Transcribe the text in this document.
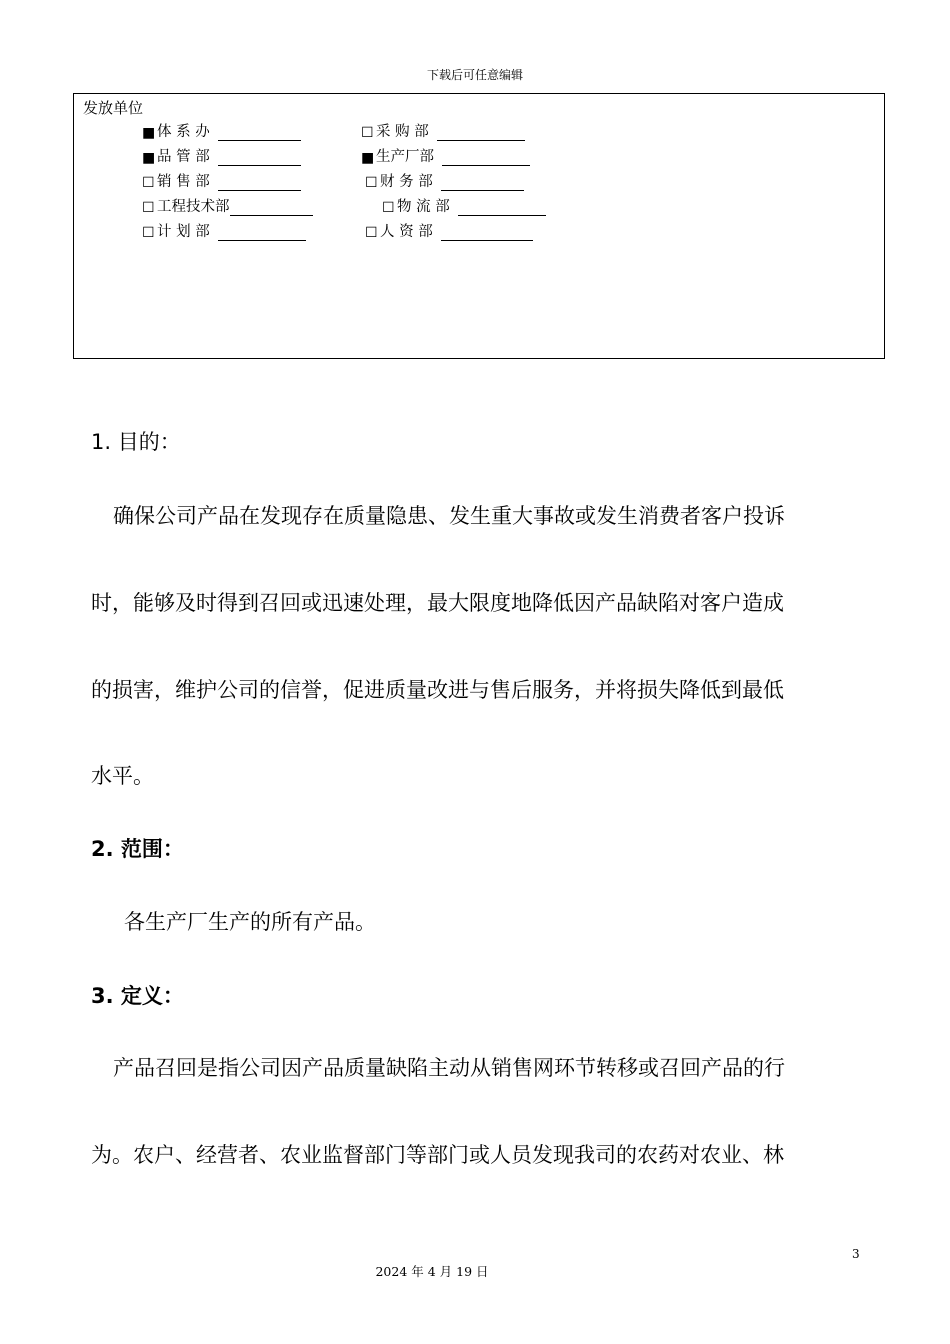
下载后可任意编辑
发放单位
■ 体 系 办	☐ 采 购 部
■ 品 管 部	■ 生产厂部
☐ 销 售 部	☐ 财 务 部
☐ 工程技术部	☐ 物 流 部
☐ 计 划 部	☐ 人 资 部
1. 目的：
确保公司产品在发现存在质量隐患、发生重大事故或发生消费者客户投诉
时，能够及时得到召回或迅速处理，最大限度地降低因产品缺陷对客户造成
的损害，维护公司的信誉，促进质量改进与售后服务，并将损失降低到最低
水平。
2. 范围：
各生产厂生产的所有产品。
3. 定义：
产品召回是指公司因产品质量缺陷主动从销售网环节转移或召回产品的行
为。农户、经营者、农业监督部门等部门或人员发现我司的农药对农业、林
3
2024 年 4 月 19 日
